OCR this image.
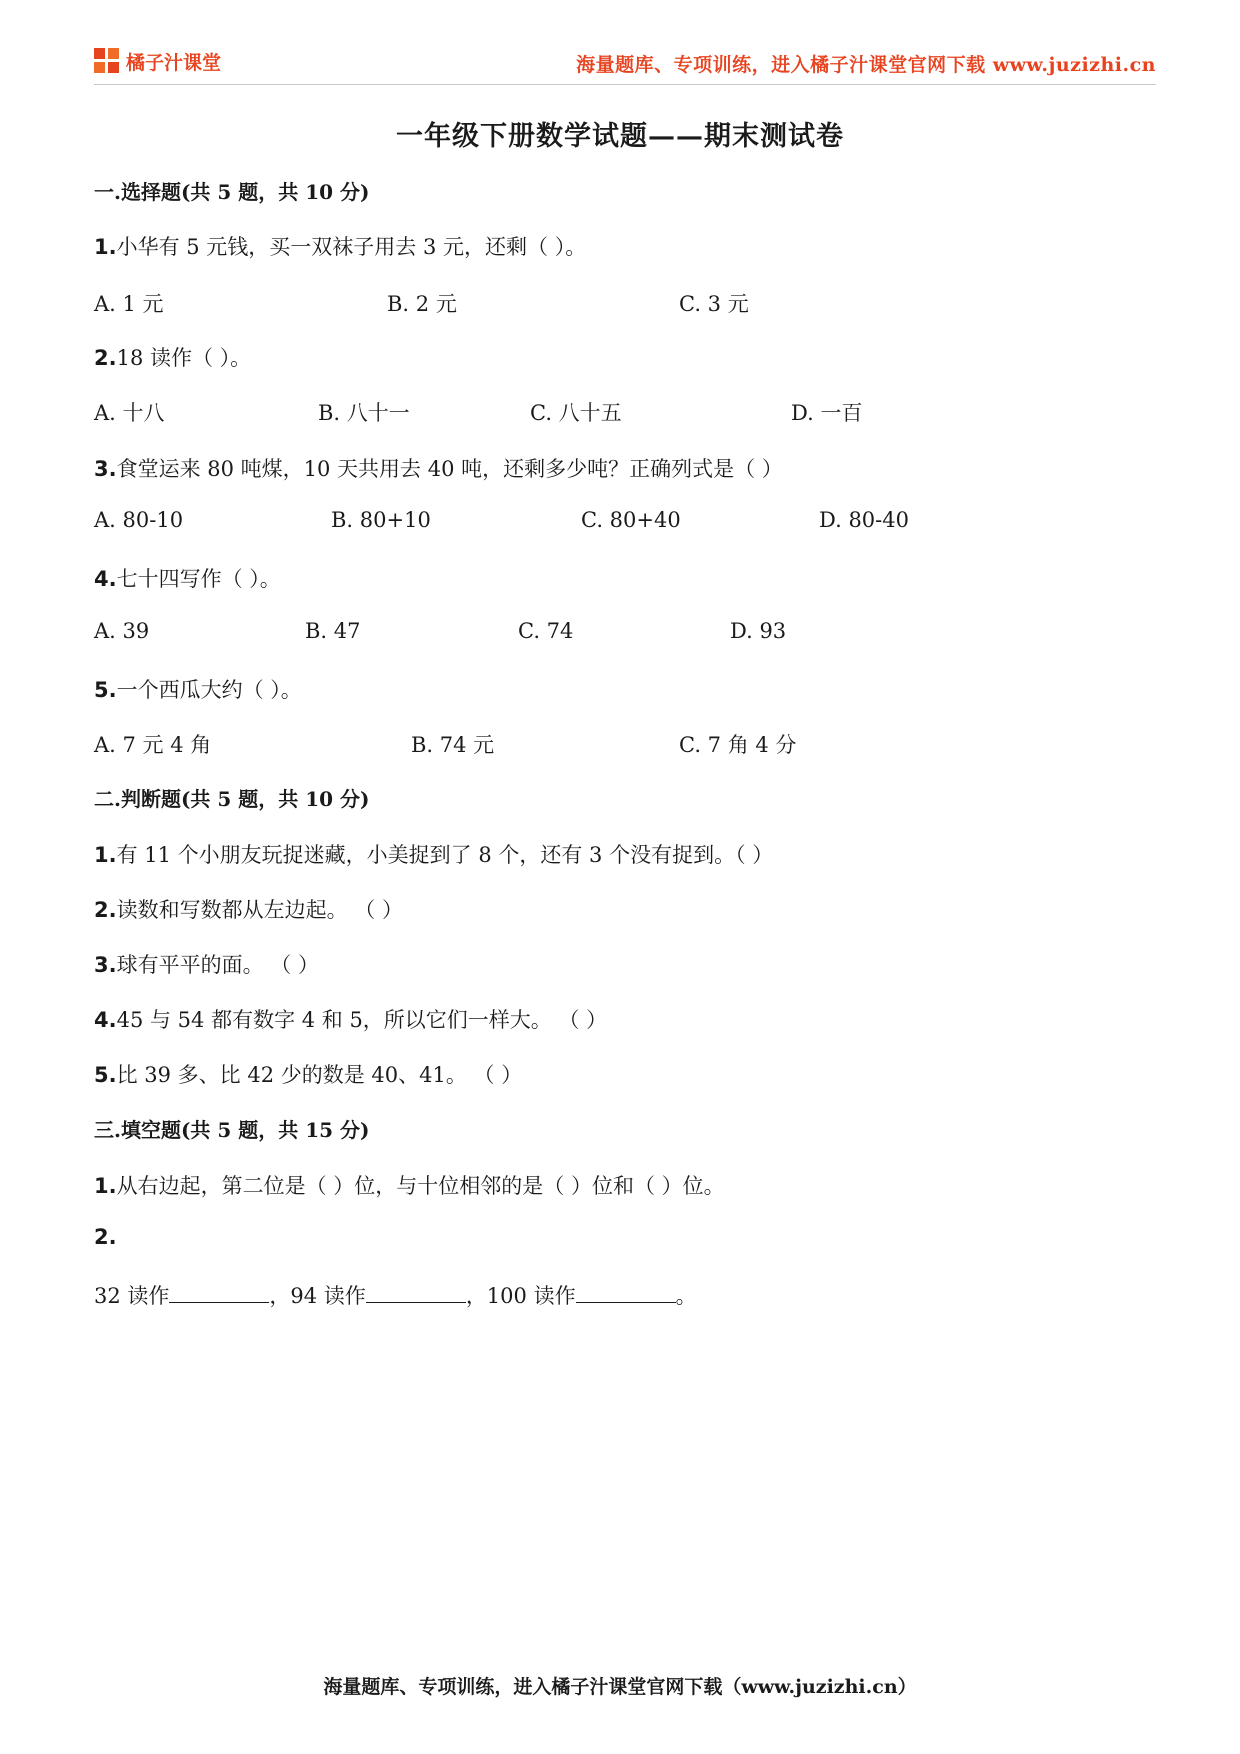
橘子汁课堂	海量题库、专项训练，进入橘子汁课堂官网下载 www.juzizhi.cn
一年级下册数学试题——期末测试卷
一.选择题(共 5 题，共 10 分)
1.小华有 5 元钱，买一双袜子用去 3 元，还剩（ ）。
A. 1 元	B. 2 元	C. 3 元
2.18 读作（ ）。
A. 十八	B. 八十一	C. 八十五	D. 一百
3.食堂运来 80 吨煤，10 天共用去 40 吨，还剩多少吨？正确列式是（ ）
A. 80-10	B. 80+10	C. 80+40	D. 80-40
4.七十四写作（ ）。
A. 39	B. 47	C. 74	D. 93
5.一个西瓜大约（ ）。
A. 7 元 4 角	B. 74 元	C. 7 角 4 分
二.判断题(共 5 题，共 10 分)
1.有 11 个小朋友玩捉迷藏，小美捉到了 8 个，还有 3 个没有捉到。（ ）
2.读数和写数都从左边起。 （ ）
3.球有平平的面。 （ ）
4.45 与 54 都有数字 4 和 5，所以它们一样大。 （ ）
5.比 39 多、比 42 少的数是 40、41。 （ ）
三.填空题(共 5 题，共 15 分)
1.从右边起，第二位是（ ）位，与十位相邻的是（ ）位和（ ）位。
2.
32 读作	，94 读作	，100 读作	。
海量题库、专项训练，进入橘子汁课堂官网下载（www.juzizhi.cn）
